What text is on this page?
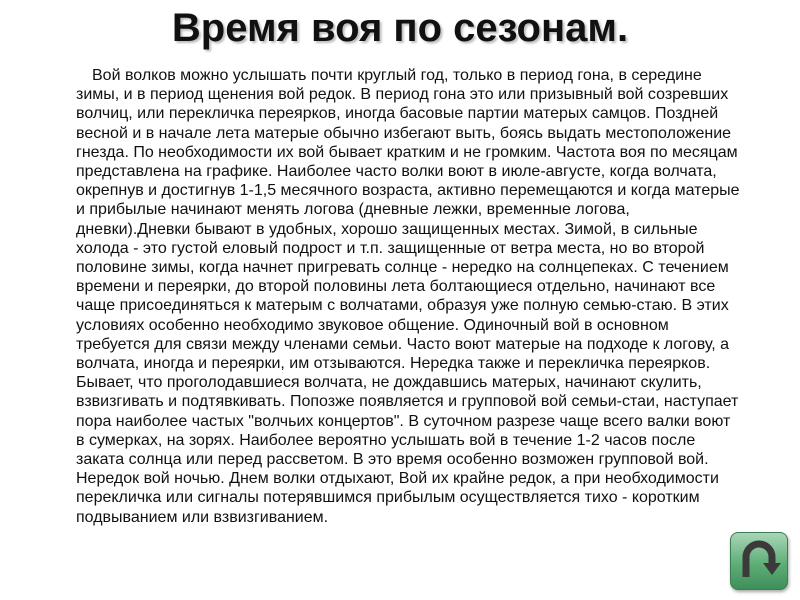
Время воя по сезонам.

Вой волков можно услышать почти круглый год, только в период гона, в середине зимы, и в период щенения вой редок. В период гона это или призывный вой созревших волчиц, или перекличка переярков, иногда басовые партии матерых самцов. Поздней весной и в начале лета матерые обычно избегают выть, боясь выдать местоположение гнезда. По необходимости их вой бывает кратким и не громким. Частота воя по месяцам представлена на графике. Наиболее часто волки воют в июле-августе, когда волчата, окрепнув и достигнув 1-1,5 месячного возраста, активно перемещаются и когда матерые и прибылые начинают менять логова (дневные лежки, временные логова, дневки).Дневки бывают в удобных, хорошо защищенных местах. Зимой, в сильные холода - это густой еловый подрост и т.п. защищенные от ветра места, но во второй половине зимы, когда начнет пригревать солнце - нередко на солнцепеках. С течением времени и переярки, до второй половины лета болтающиеся отдельно, начинают все чаще присоединяться к матерым с волчатами, образуя уже полную семью-стаю. В этих условиях особенно необходимо звуковое общение. Одиночный вой в основном требуется для связи между членами семьи. Часто воют матерые на подходе к логову, а волчата, иногда и переярки, им отзываются. Нередка также и перекличка переярков. Бывает, что проголодавшиеся волчата, не дождавшись матерых, начинают скулить, взвизгивать и подтявкивать. Попозже появляется и групповой вой семьи-стаи, наступает пора наиболее частых "волчьих концертов". В суточном разрезе чаще всего валки воют в сумерках, на зорях. Наиболее вероятно услышать вой в течение 1-2 часов после заката солнца или перед рассветом. В это время особенно возможен групповой вой. Нередок вой ночью. Днем волки отдыхают, Вой их крайне редок, а при необходимости перекличка или сигналы потерявшимся прибылым осуществляется тихо - коротким подвыванием или взвизгиванием.
